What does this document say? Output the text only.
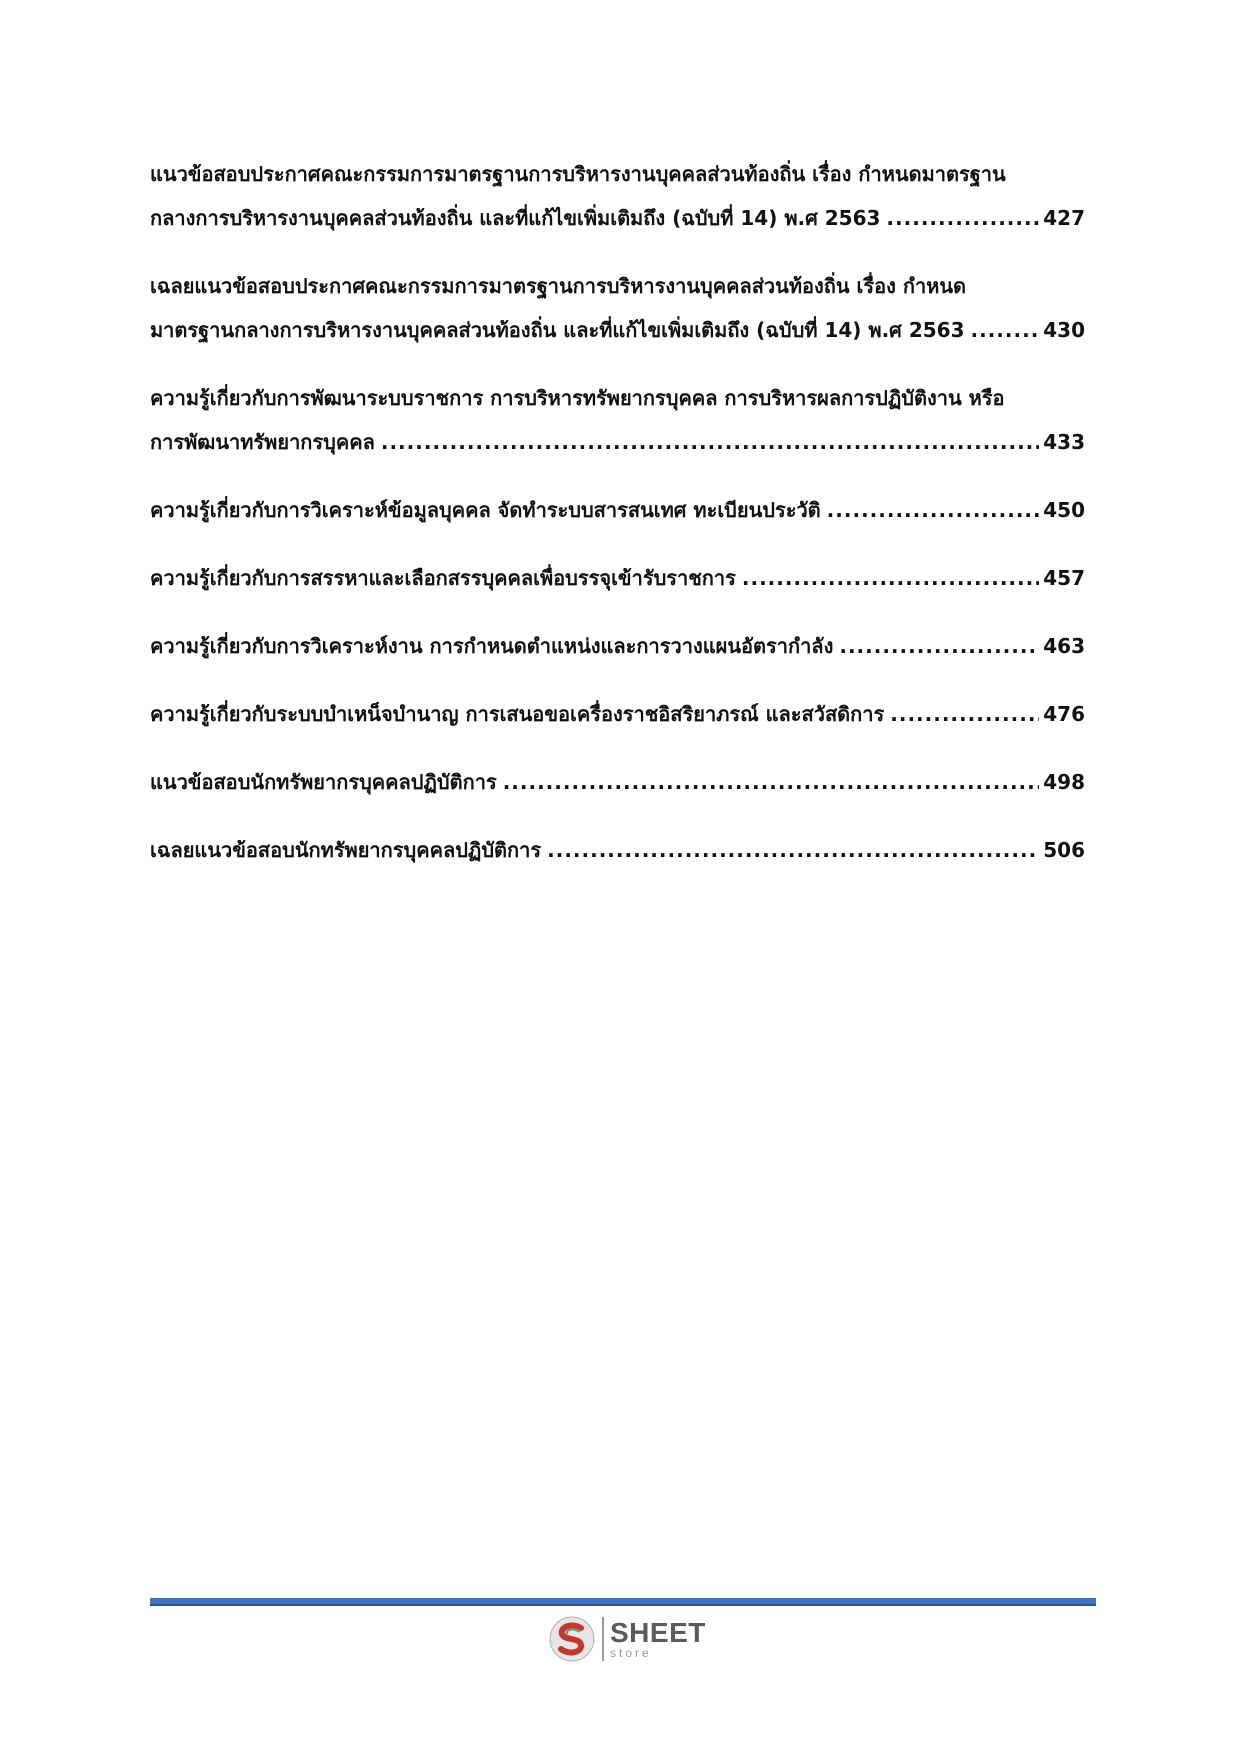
แนวข้อสอบประกาศคณะกรรมการมาตรฐานการบริหารงานบุคคลส่วนท้องถิ่น เรื่อง กำหนดมาตรฐาน
กลางการบริหารงานบุคคลส่วนท้องถิ่น และที่แก้ไขเพิ่มเติมถึง (ฉบับที่ 14) พ.ศ 2563 .....	427
เฉลยแนวข้อสอบประกาศคณะกรรมการมาตรฐานการบริหารงานบุคคลส่วนท้องถิ่น เรื่อง กำหนด
มาตรฐานกลางการบริหารงานบุคคลส่วนท้องถิ่น และที่แก้ไขเพิ่มเติมถึง (ฉบับที่ 14) พ.ศ 2563 .....	430
ความรู้เกี่ยวกับการพัฒนาระบบราชการ การบริหารทรัพยากรบุคคล การบริหารผลการปฏิบัติงาน หรือ
การพัฒนาทรัพยากรบุคคล .....	433
ความรู้เกี่ยวกับการวิเคราะห์ข้อมูลบุคคล จัดทำระบบสารสนเทศ ทะเบียนประวัติ .....	450
ความรู้เกี่ยวกับการสรรหาและเลือกสรรบุคคลเพื่อบรรจุเข้ารับราชการ .....	457
ความรู้เกี่ยวกับการวิเคราะห์งาน การกำหนดตำแหน่งและการวางแผนอัตรากำลัง .....	463
ความรู้เกี่ยวกับระบบบำเหน็จบำนาญ การเสนอขอเครื่องราชอิสริยาภรณ์ และสวัสดิการ .....	476
แนวข้อสอบนักทรัพยากรบุคคลปฏิบัติการ .....	498
เฉลยแนวข้อสอบนักทรัพยากรบุคคลปฏิบัติการ .....	506
SHEET
store
